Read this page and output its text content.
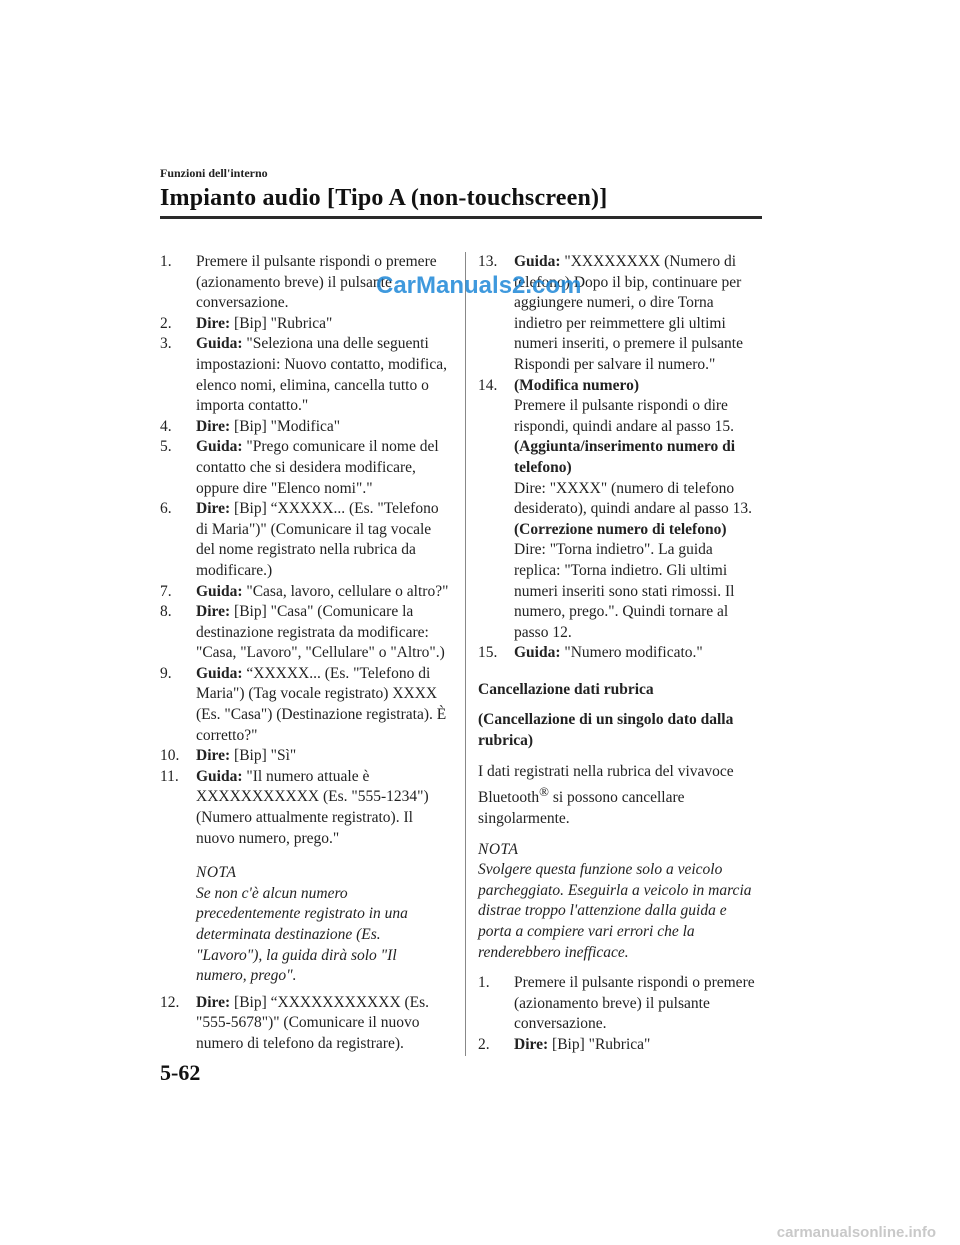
Funzioni dell'interno
Impianto audio [Tipo A (non-touchscreen)]
1. Premere il pulsante rispondi o premere (azionamento breve) il pulsante conversazione.
2. Dire: [Bip] "Rubrica"
3. Guida: "Seleziona una delle seguenti impostazioni: Nuovo contatto, modifica, elenco nomi, elimina, cancella tutto o importa contatto."
4. Dire: [Bip] "Modifica"
5. Guida: "Prego comunicare il nome del contatto che si desidera modificare, oppure dire "Elenco nomi"."
6. Dire: [Bip] “XXXXX... (Es. "Telefono di Maria")" (Comunicare il tag vocale del nome registrato nella rubrica da modificare.)
7. Guida: "Casa, lavoro, cellulare o altro?"
8. Dire: [Bip] "Casa" (Comunicare la destinazione registrata da modificare: "Casa, "Lavoro", "Cellulare" o "Altro".)
9. Guida: “XXXXX... (Es. "Telefono di Maria") (Tag vocale registrato) XXXX (Es. "Casa") (Destinazione registrata). È corretto?"
10. Dire: [Bip] "Sì"
11. Guida: "Il numero attuale è XXXXXXXXXXX (Es. "555-1234") (Numero attualmente registrato). Il nuovo numero, prego."
NOTA
Se non c'è alcun numero precedentemente registrato in una determinata destinazione (Es. "Lavoro"), la guida dirà solo "Il numero, prego".
12. Dire: [Bip] “XXXXXXXXXXX (Es. "555-5678")" (Comunicare il nuovo numero di telefono da registrare).
13. Guida: "XXXXXXXX (Numero di telefono) Dopo il bip, continuare per aggiungere numeri, o dire Torna indietro per reimmettere gli ultimi numeri inseriti, o premere il pulsante Rispondi per salvare il numero."
14. (Modifica numero)
Premere il pulsante rispondi o dire rispondi, quindi andare al passo 15.
(Aggiunta/inserimento numero di telefono)
Dire: "XXXX" (numero di telefono desiderato), quindi andare al passo 13.
(Correzione numero di telefono)
Dire: "Torna indietro". La guida replica: "Torna indietro. Gli ultimi numeri inseriti sono stati rimossi. Il numero, prego.". Quindi tornare al passo 12.
15. Guida: "Numero modificato."
Cancellazione dati rubrica
(Cancellazione di un singolo dato dalla rubrica)
I dati registrati nella rubrica del vivavoce Bluetooth® si possono cancellare singolarmente.
NOTA
Svolgere questa funzione solo a veicolo parcheggiato. Eseguirla a veicolo in marcia distrae troppo l'attenzione dalla guida e porta a compiere vari errori che la renderebbero inefficace.
1. Premere il pulsante rispondi o premere (azionamento breve) il pulsante conversazione.
2. Dire: [Bip] "Rubrica"
CarManuals2.com
5-62
carmanualsonline.info
